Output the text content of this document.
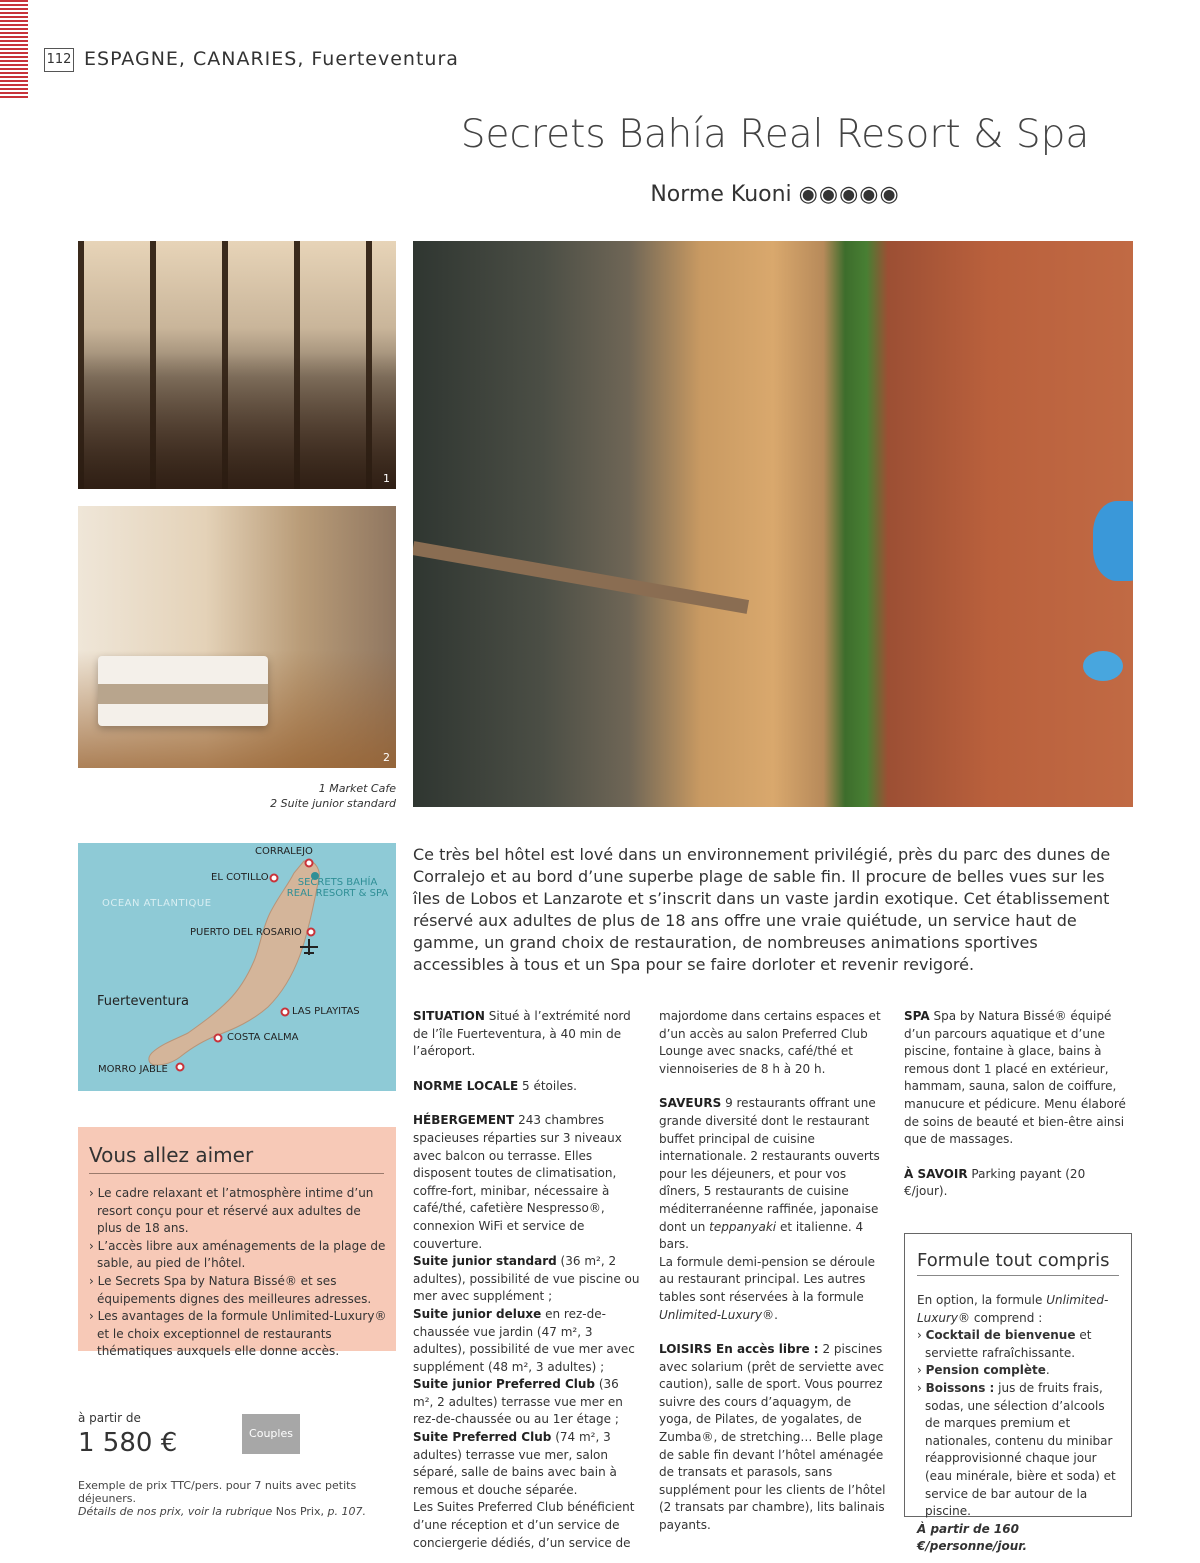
112 ESPAGNE, CANARIES, Fuerteventura
Secrets Bahía Real Resort & Spa
Norme Kuoni ◉◉◉◉◉
1
2
1 Market Cafe
2 Suite junior standard
CORRALEJO
EL COTILLO	SECRETS BAHÍA
REAL RESORT & SPA
OCEAN ATLANTIQUE
PUERTO DEL ROSARIO
Fuerteventura
LAS PLAYITAS
COSTA CALMA
MORRO JABLE
Ce très bel hôtel est lové dans un environnement privilégié, près du parc des dunes de Corralejo et au bord d’une superbe plage de sable fin. Il procure de belles vues sur les îles de Lobos et Lanzarote et s’inscrit dans un vaste jardin exotique. Cet établissement réservé aux adultes de plus de 18 ans offre une vraie quiétude, un service haut de gamme, un grand choix de restauration, de nombreuses animations sportives accessibles à tous et un Spa pour se faire dorloter et revenir revigoré.

SITUATION Situé à l’extrémité nord de l’île Fuerteventura, à 40 min de l’aéroport.

NORME LOCALE 5 étoiles.

HÉBERGEMENT 243 chambres spacieuses réparties sur 3 niveaux avec balcon ou terrasse. Elles disposent toutes de climatisation, coffre-fort, minibar, nécessaire à café/thé, cafetière Nespresso®, connexion WiFi et service de couverture.

Suite junior standard (36 m², 2 adultes), possibilité de vue piscine ou mer avec supplément ;
Suite junior deluxe en rez-de-chaussée vue jardin (47 m², 3 adultes), possibilité de vue mer avec supplément (48 m², 3 adultes) ;
Suite junior Preferred Club (36 m², 2 adultes) terrasse vue mer en rez-de-chaussée ou au 1er étage ;
Suite Preferred Club (74 m², 3 adultes) terrasse vue mer, salon séparé, salle de bains avec bain à remous et douche séparée.
Les Suites Preferred Club bénéficient d’une réception et d’un service de conciergerie dédiés, d’un service de

majordome dans certains espaces et d’un accès au salon Preferred Club Lounge avec snacks, café/thé et viennoiseries de 8 h à 20 h.

SAVEURS 9 restaurants offrant une grande diversité dont le restaurant buffet principal de cuisine internationale. 2 restaurants ouverts pour les déjeuners, et pour vos dîners, 5 restaurants de cuisine méditerranéenne raffinée, japonaise dont un teppanyaki et italienne. 4 bars.

La formule demi-pension se déroule au restaurant principal. Les autres tables sont réservées à la formule Unlimited-Luxury®.

LOISIRS En accès libre : 2 piscines avec solarium (prêt de serviette avec caution), salle de sport. Vous pourrez suivre des cours d’aquagym, de yoga, de Pilates, de yogalates, de Zumba®, de stretching… Belle plage de sable fin devant l’hôtel aménagée de transats et parasols, sans supplément pour les clients de l’hôtel (2 transats par chambre), lits balinais payants.

SPA Spa by Natura Bissé® équipé d’un parcours aquatique et d’une piscine, fontaine à glace, bains à remous dont 1 placé en extérieur, hammam, sauna, salon de coiffure, manucure et pédicure. Menu élaboré de soins de beauté et bien-être ainsi que de massages.

À SAVOIR Parking payant (20 €/jour).

Vous allez aimer
› Le cadre relaxant et l’atmosphère intime d’un resort conçu pour et réservé aux adultes de plus de 18 ans.
› L’accès libre aux aménagements de la plage de sable, au pied de l’hôtel.
› Le Secrets Spa by Natura Bissé® et ses équipements dignes des meilleures adresses.
› Les avantages de la formule Unlimited-Luxury® et le choix exceptionnel de restaurants thématiques auxquels elle donne accès.
à partir de
1 580 €	Couples
Exemple de prix TTC/pers. pour 7 nuits avec petits déjeuners.
Détails de nos prix, voir la rubrique Nos Prix, p. 107.
Formule tout compris
En option, la formule Unlimited-Luxury® comprend :
› Cocktail de bienvenue et serviette rafraîchissante.
› Pension complète.
› Boissons : jus de fruits frais, sodas, une sélection d’alcools de marques premium et nationales, contenu du minibar réapprovisionné chaque jour (eau minérale, bière et soda) et service de bar autour de la piscine.
À partir de 160 €/personne/jour.
